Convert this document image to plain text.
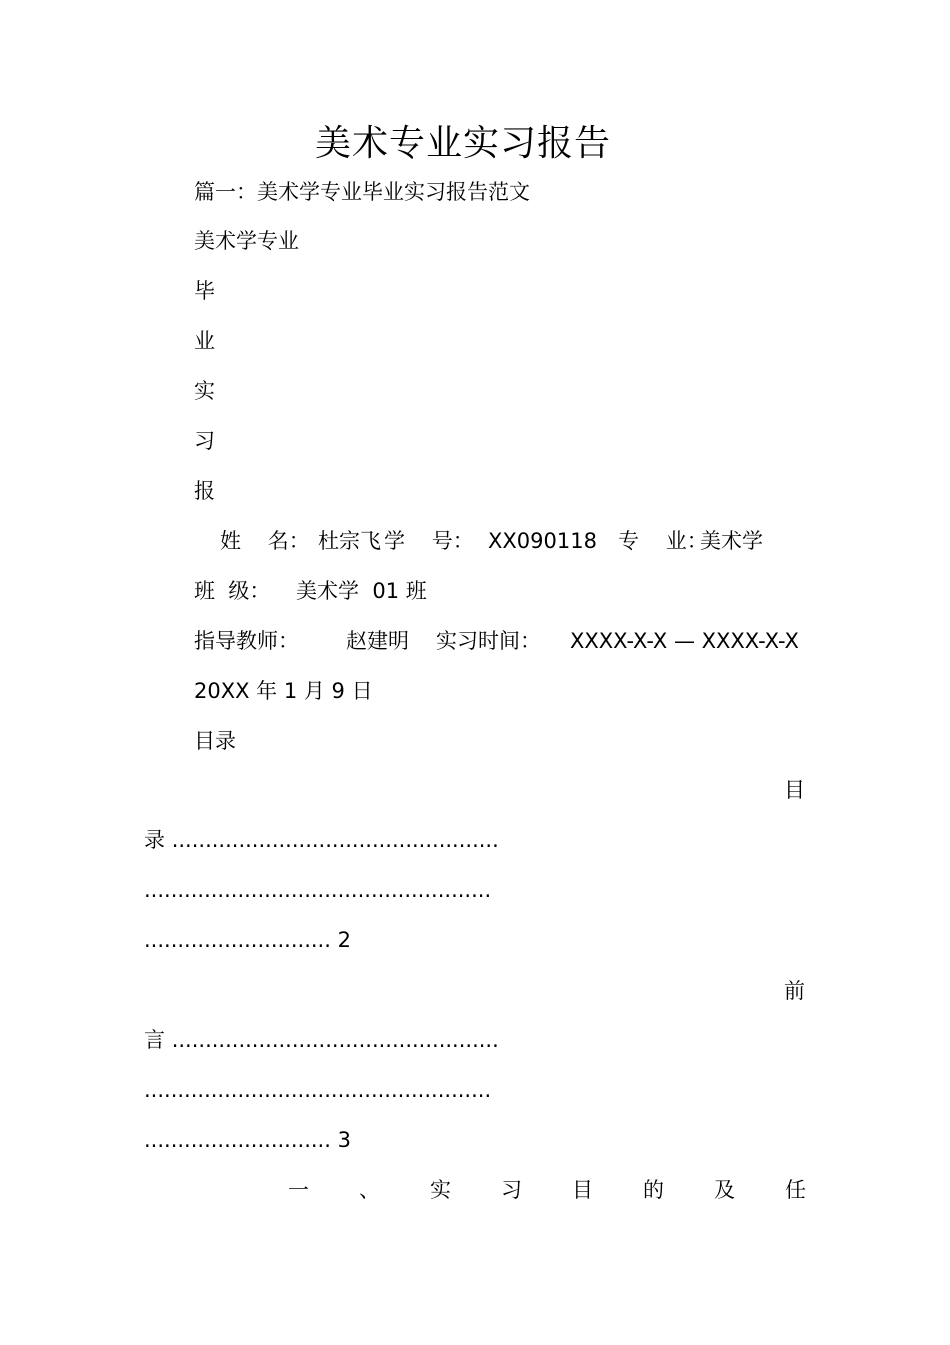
美术专业实习报告
篇一：美术学专业毕业实习报告范文
美术学专业
毕
业
实
习
报
姓    名： 杜宗飞 学    号： XX090118 专    业：
美术学
班  级： 美术学  01 班
指导教师： 赵建明 实习时间： XXXX-X-X — XXXX-X-X
20XX 年 1 月 9 日
目录
目
录 .................................................
....................................................
............................ 2
前
言 .................................................
....................................................
............................ 3
一 、 实 习 目 的 及 任
